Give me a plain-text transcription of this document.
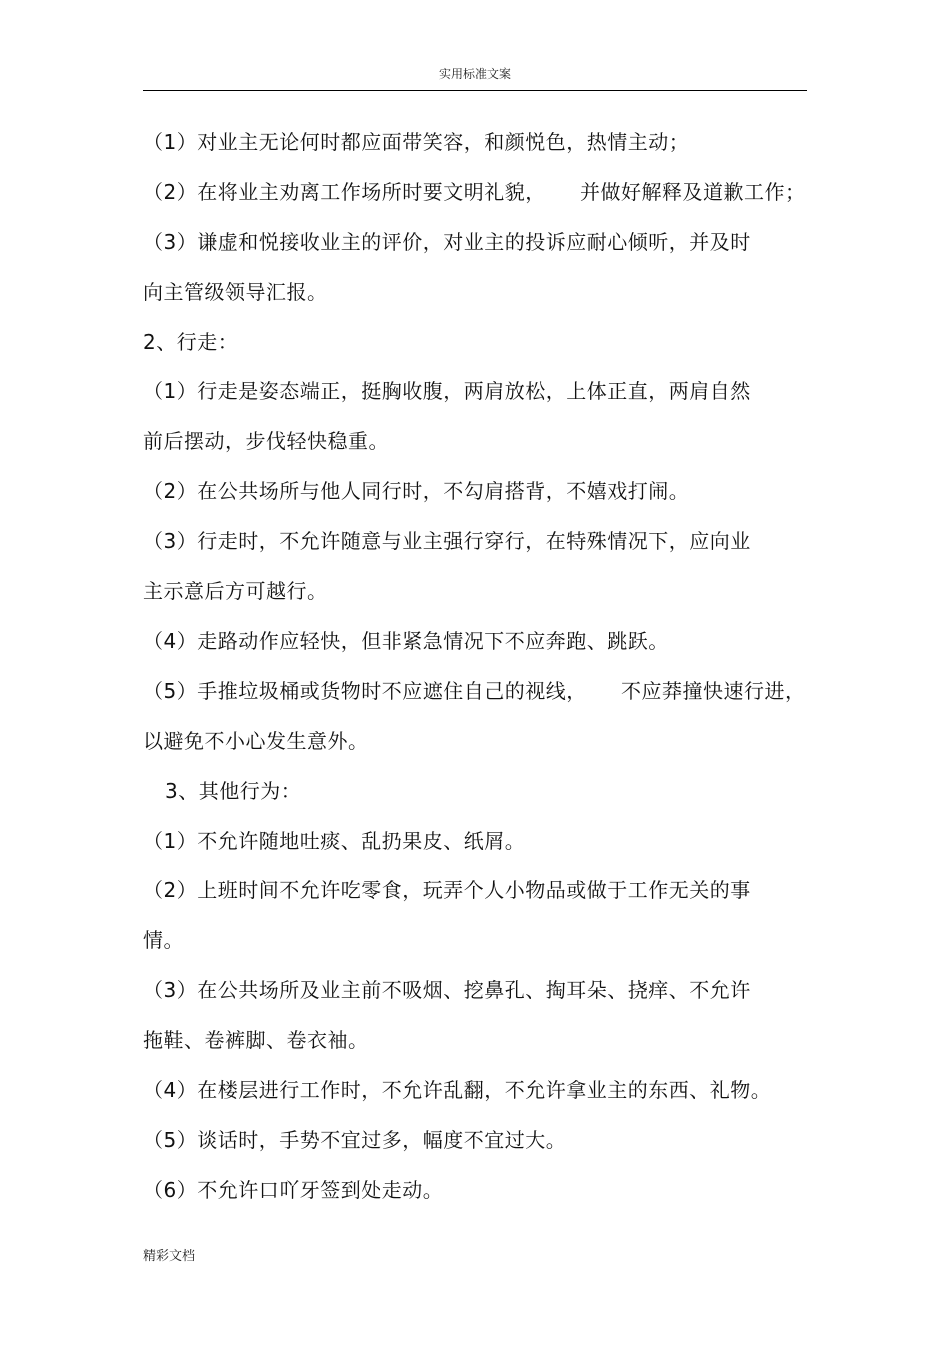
实用标准文案
（1）对业主无论何时都应面带笑容，和颜悦色，热情主动；
（2）在将业主劝离工作场所时要文明礼貌，     并做好解释及道歉工作；
（3）谦虚和悦接收业主的评价，对业主的投诉应耐心倾听，并及时
向主管级领导汇报。
2、行走：
（1）行走是姿态端正，挺胸收腹，两肩放松，上体正直，两肩自然
前后摆动，步伐轻快稳重。
（2）在公共场所与他人同行时，不勾肩搭背，不嬉戏打闹。
（3）行走时，不允许随意与业主强行穿行，在特殊情况下，应向业
主示意后方可越行。
（4）走路动作应轻快，但非紧急情况下不应奔跑、跳跃。
（5）手推垃圾桶或货物时不应遮住自己的视线，     不应莽撞快速行进，
以避免不小心发生意外。
3、其他行为：
（1）不允许随地吐痰、乱扔果皮、纸屑。
（2）上班时间不允许吃零食，玩弄个人小物品或做于工作无关的事
情。
（3）在公共场所及业主前不吸烟、挖鼻孔、掏耳朵、挠痒、不允许
拖鞋、卷裤脚、卷衣袖。
（4）在楼层进行工作时，不允许乱翻，不允许拿业主的东西、礼物。
（5）谈话时，手势不宜过多，幅度不宜过大。
（6）不允许口吖牙签到处走动。
精彩文档
